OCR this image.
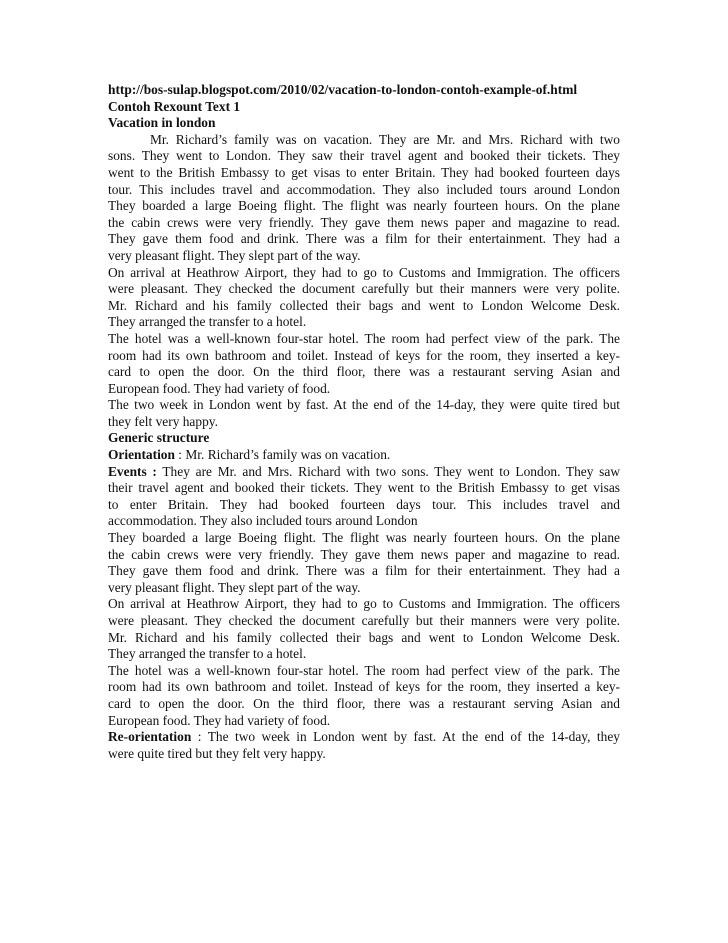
http://bos-sulap.blogspot.com/2010/02/vacation-to-london-contoh-example-of.html
Contoh Rexount Text 1
Vacation in london
Mr. Richard’s family was on vacation. They are Mr. and Mrs. Richard with two
sons. They went to London. They saw their travel agent and booked their tickets. They
went to the British Embassy to get visas to enter Britain. They had booked fourteen days
tour. This includes travel and accommodation. They also included tours around London
They boarded a large Boeing flight. The flight was nearly fourteen hours. On the plane
the cabin crews were very friendly. They gave them news paper and magazine to read.
They gave them food and drink. There was a film for their entertainment. They had a
very pleasant flight. They slept part of the way.
On arrival at Heathrow Airport, they had to go to Customs and Immigration. The officers
were pleasant. They checked the document carefully but their manners were very polite.
Mr. Richard and his family collected their bags and went to London Welcome Desk.
They arranged the transfer to a hotel.
The hotel was a well-known four-star hotel. The room had perfect view of the park. The
room had its own bathroom and toilet. Instead of keys for the room, they inserted a key-
card to open the door. On the third floor, there was a restaurant serving Asian and
European food. They had variety of food.
The two week in London went by fast. At the end of the 14-day, they were quite tired but
they felt very happy.
Generic structure
Orientation : Mr. Richard’s family was on vacation.
Events : They are Mr. and Mrs. Richard with two sons. They went to London. They saw
their travel agent and booked their tickets. They went to the British Embassy to get visas
to enter Britain. They had booked fourteen days tour. This includes travel and
accommodation. They also included tours around London
They boarded a large Boeing flight. The flight was nearly fourteen hours. On the plane
the cabin crews were very friendly. They gave them news paper and magazine to read.
They gave them food and drink. There was a film for their entertainment. They had a
very pleasant flight. They slept part of the way.
On arrival at Heathrow Airport, they had to go to Customs and Immigration. The officers
were pleasant. They checked the document carefully but their manners were very polite.
Mr. Richard and his family collected their bags and went to London Welcome Desk.
They arranged the transfer to a hotel.
The hotel was a well-known four-star hotel. The room had perfect view of the park. The
room had its own bathroom and toilet. Instead of keys for the room, they inserted a key-
card to open the door. On the third floor, there was a restaurant serving Asian and
European food. They had variety of food.
Re-orientation : The two week in London went by fast. At the end of the 14-day, they
were quite tired but they felt very happy.
